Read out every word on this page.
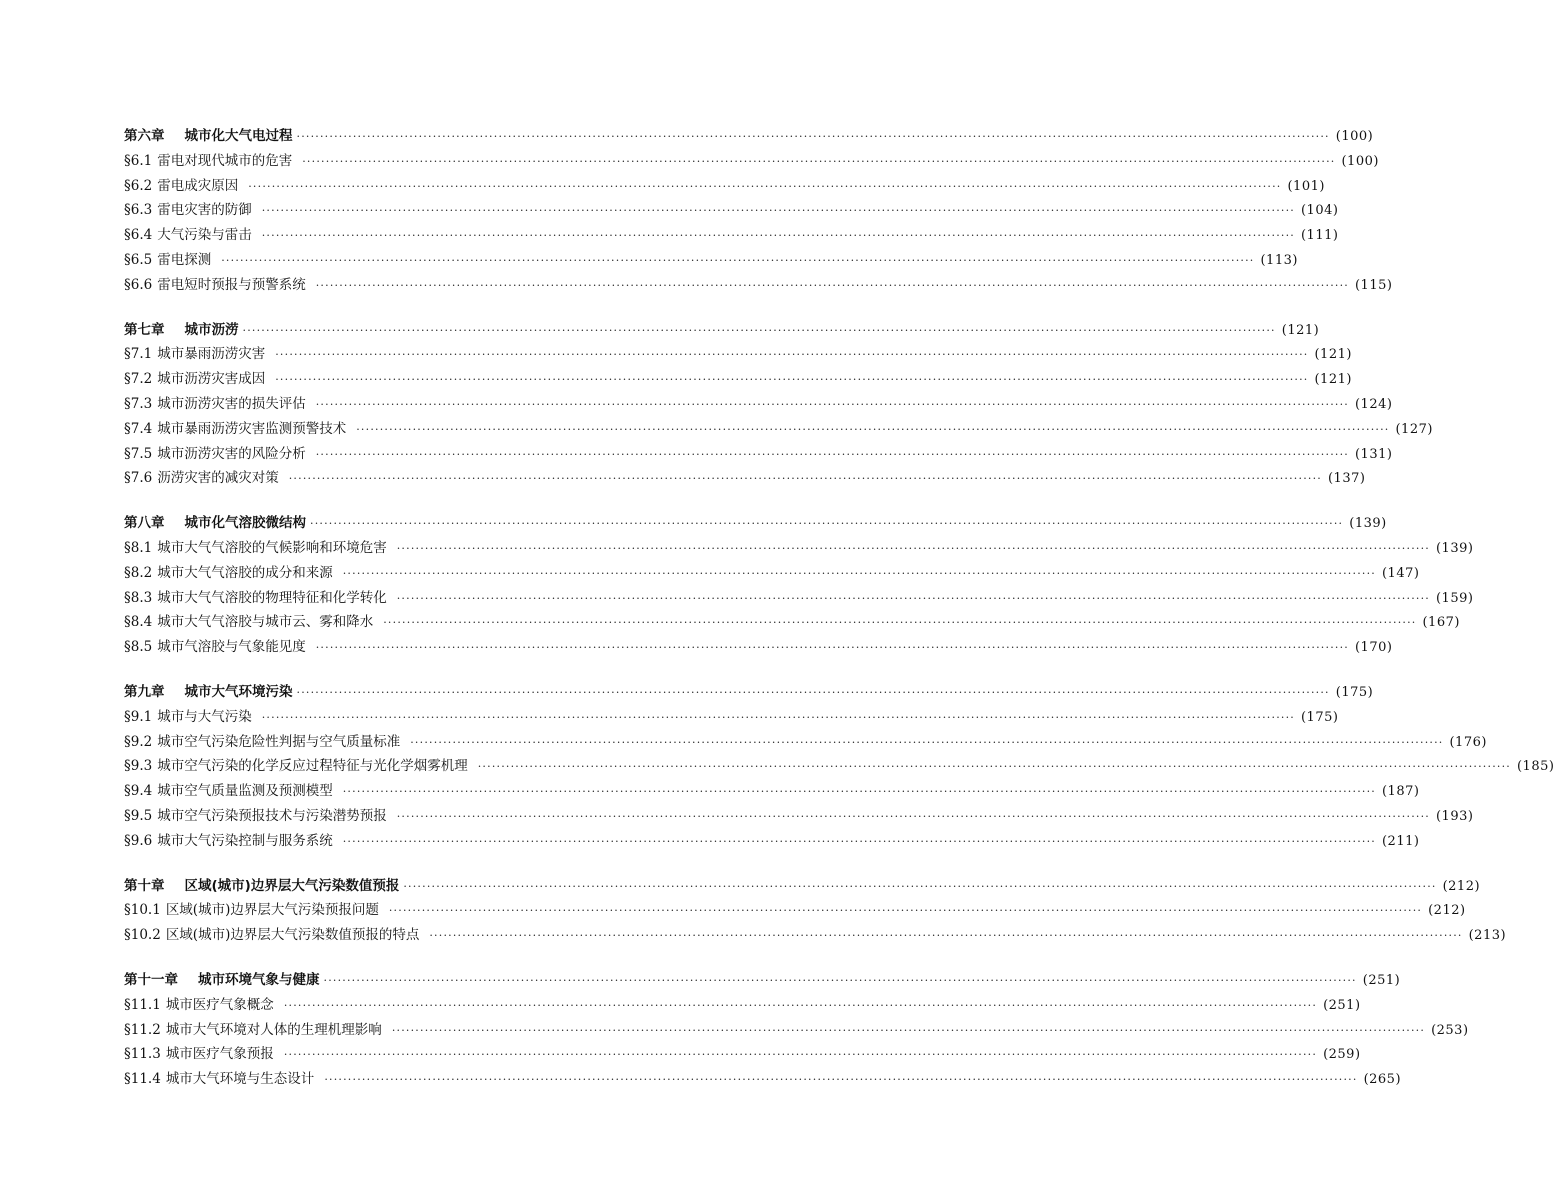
第六章 城市化大气电过程 ···························································································································································································································· (100)
§6.1 雷电对现代城市的危害 ···························································································································································································································· (100)
§6.2 雷电成灾原因 ···························································································································································································································· (101)
§6.3 雷电灾害的防御 ···························································································································································································································· (104)
§6.4 大气污染与雷击 ···························································································································································································································· (111)
§6.5 雷电探测 ···························································································································································································································· (113)
§6.6 雷电短时预报与预警系统 ···························································································································································································································· (115)
第七章 城市沥涝 ···························································································································································································································· (121)
§7.1 城市暴雨沥涝灾害 ···························································································································································································································· (121)
§7.2 城市沥涝灾害成因 ···························································································································································································································· (121)
§7.3 城市沥涝灾害的损失评估 ···························································································································································································································· (124)
§7.4 城市暴雨沥涝灾害监测预警技术 ···························································································································································································································· (127)
§7.5 城市沥涝灾害的风险分析 ···························································································································································································································· (131)
§7.6 沥涝灾害的减灾对策 ···························································································································································································································· (137)
第八章 城市化气溶胶微结构 ···························································································································································································································· (139)
§8.1 城市大气气溶胶的气候影响和环境危害 ···························································································································································································································· (139)
§8.2 城市大气气溶胶的成分和来源 ···························································································································································································································· (147)
§8.3 城市大气气溶胶的物理特征和化学转化 ···························································································································································································································· (159)
§8.4 城市大气气溶胶与城市云、雾和降水 ···························································································································································································································· (167)
§8.5 城市气溶胶与气象能见度 ···························································································································································································································· (170)
第九章 城市大气环境污染 ···························································································································································································································· (175)
§9.1 城市与大气污染 ···························································································································································································································· (175)
§9.2 城市空气污染危险性判据与空气质量标准 ···························································································································································································································· (176)
§9.3 城市空气污染的化学反应过程特征与光化学烟雾机理 ···························································································································································································································· (185)
§9.4 城市空气质量监测及预测模型 ···························································································································································································································· (187)
§9.5 城市空气污染预报技术与污染潜势预报 ···························································································································································································································· (193)
§9.6 城市大气污染控制与服务系统 ···························································································································································································································· (211)
第十章 区域(城市)边界层大气污染数值预报 ···························································································································································································································· (212)
§10.1 区域(城市)边界层大气污染预报问题 ···························································································································································································································· (212)
§10.2 区域(城市)边界层大气污染数值预报的特点 ···························································································································································································································· (213)
第十一章 城市环境气象与健康 ···························································································································································································································· (251)
§11.1 城市医疗气象概念 ···························································································································································································································· (251)
§11.2 城市大气环境对人体的生理机理影响 ···························································································································································································································· (253)
§11.3 城市医疗气象预报 ···························································································································································································································· (259)
§11.4 城市大气环境与生态设计 ···························································································································································································································· (265)
